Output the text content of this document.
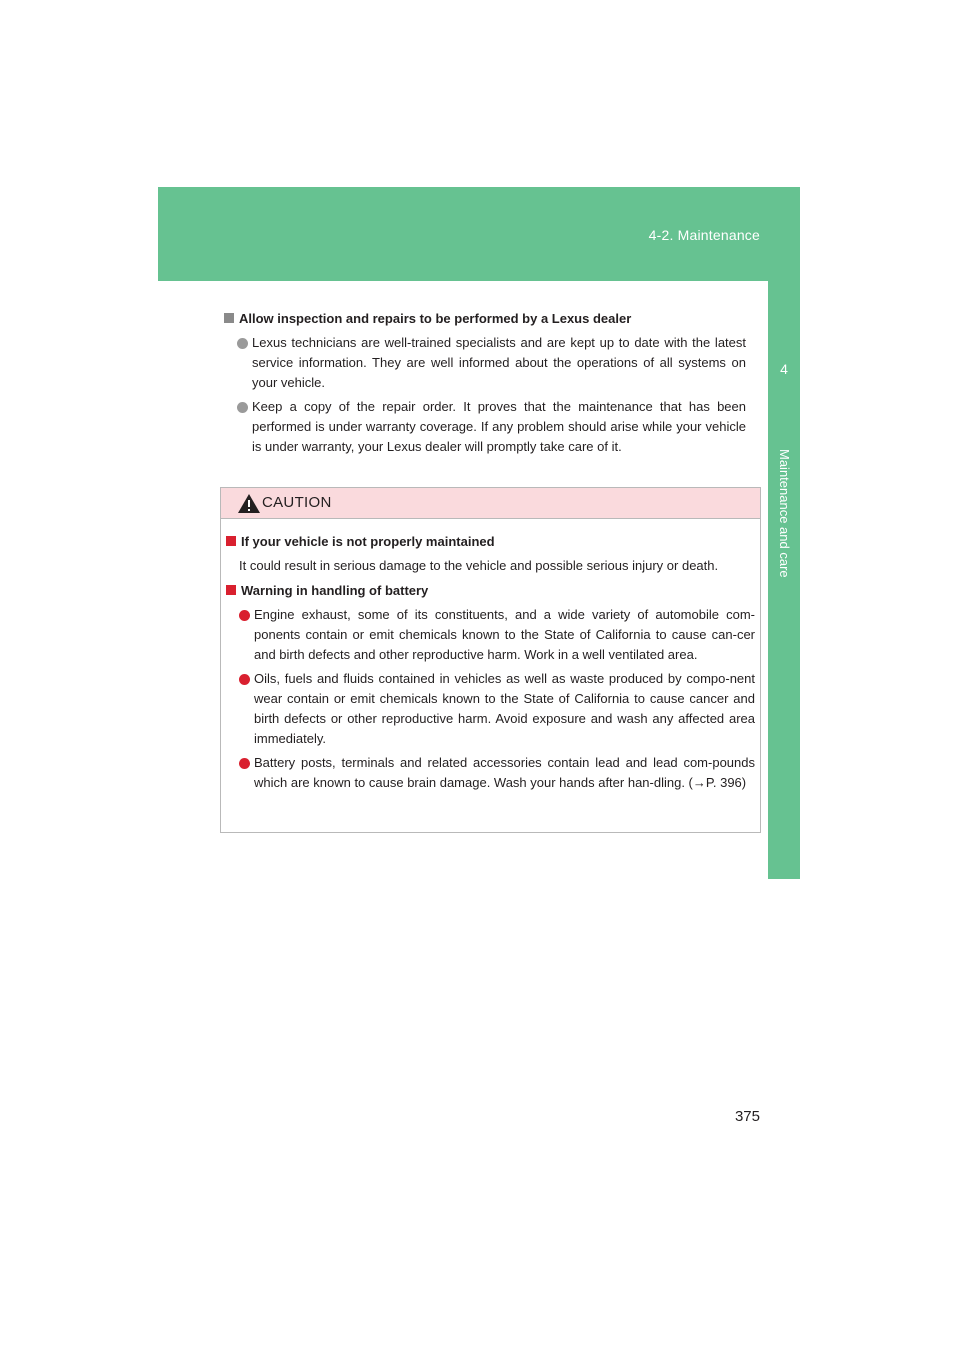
4-2. Maintenance
4
Maintenance and care
Allow inspection and repairs to be performed by a Lexus dealer
Lexus technicians are well-trained specialists and are kept up to date with the latest service information. They are well informed about the operations of all systems on your vehicle.
Keep a copy of the repair order. It proves that the maintenance that has been performed is under warranty coverage. If any problem should arise while your vehicle is under warranty, your Lexus dealer will promptly take care of it.
CAUTION
If your vehicle is not properly maintained
It could result in serious damage to the vehicle and possible serious injury or death.
Warning in handling of battery
Engine exhaust, some of its constituents, and a wide variety of automobile com-ponents contain or emit chemicals known to the State of California to cause can-cer and birth defects and other reproductive harm. Work in a well ventilated area.
Oils, fuels and fluids contained in vehicles as well as waste produced by compo-nent wear contain or emit chemicals known to the State of California to cause cancer and birth defects or other reproductive harm. Avoid exposure and wash any affected area immediately.
Battery posts, terminals and related accessories contain lead and lead com-pounds which are known to cause brain damage. Wash your hands after han-dling. (→P. 396)
375
